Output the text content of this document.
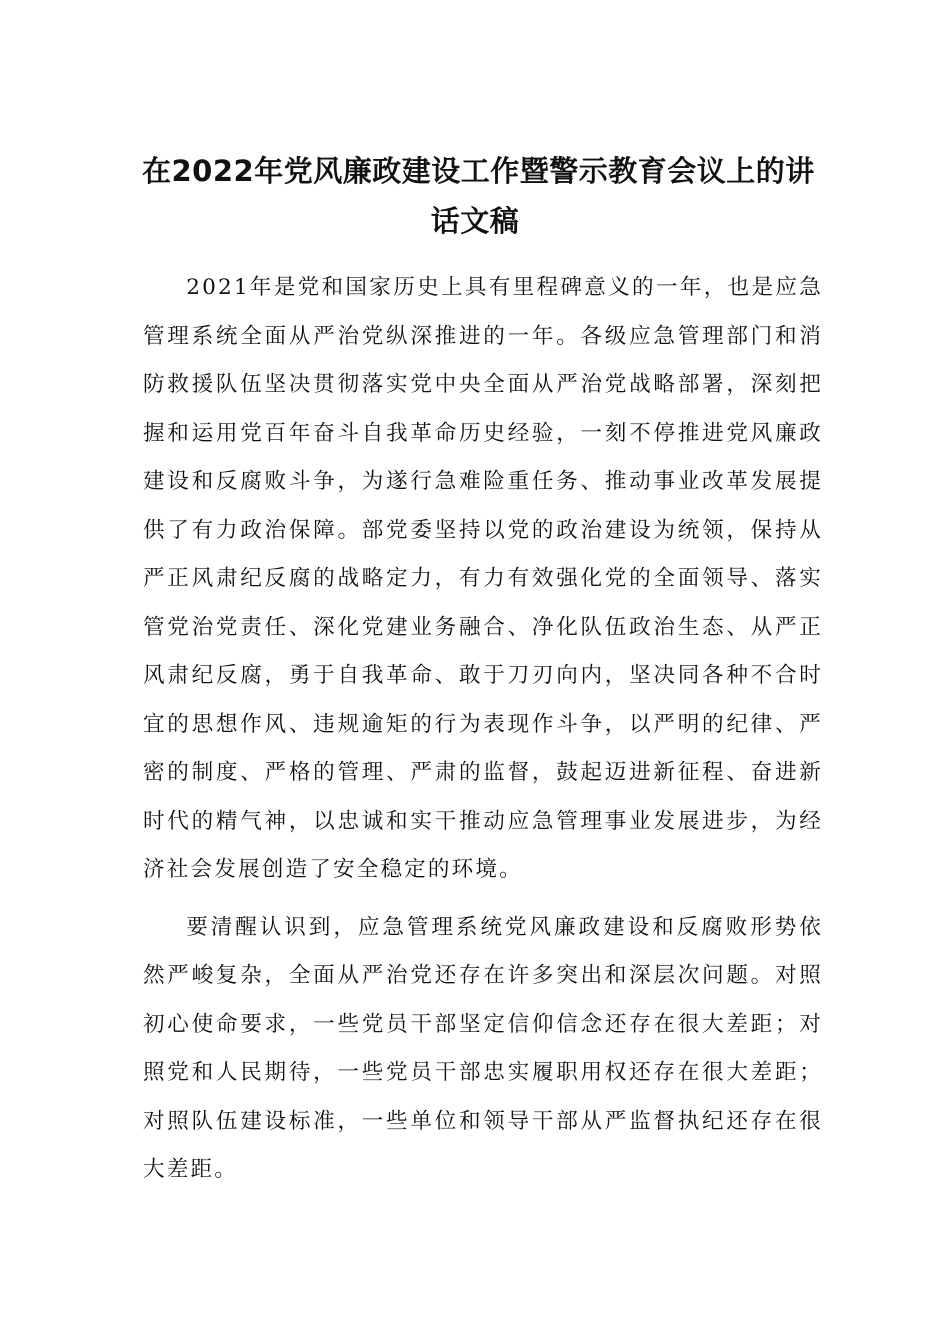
在2022年党风廉政建设工作暨警示教育会议上的讲
话文稿

2021年是党和国家历史上具有里程碑意义的一年，也是应急管理系统全面从严治党纵深推进的一年。各级应急管理部门和消防救援队伍坚决贯彻落实党中央全面从严治党战略部署，深刻把握和运用党百年奋斗自我革命历史经验，一刻不停推进党风廉政建设和反腐败斗争，为遂行急难险重任务、推动事业改革发展提供了有力政治保障。部党委坚持以党的政治建设为统领，保持从严正风肃纪反腐的战略定力，有力有效强化党的全面领导、落实管党治党责任、深化党建业务融合、净化队伍政治生态、从严正风肃纪反腐，勇于自我革命、敢于刀刃向内，坚决同各种不合时宜的思想作风、违规逾矩的行为表现作斗争，以严明的纪律、严密的制度、严格的管理、严肃的监督，鼓起迈进新征程、奋进新时代的精气神，以忠诚和实干推动应急管理事业发展进步，为经济社会发展创造了安全稳定的环境。

要清醒认识到，应急管理系统党风廉政建设和反腐败形势依然严峻复杂，全面从严治党还存在许多突出和深层次问题。对照初心使命要求，一些党员干部坚定信仰信念还存在很大差距；对照党和人民期待，一些党员干部忠实履职用权还存在很大差距；对照队伍建设标准，一些单位和领导干部从严监督执纪还存在很大差距。
